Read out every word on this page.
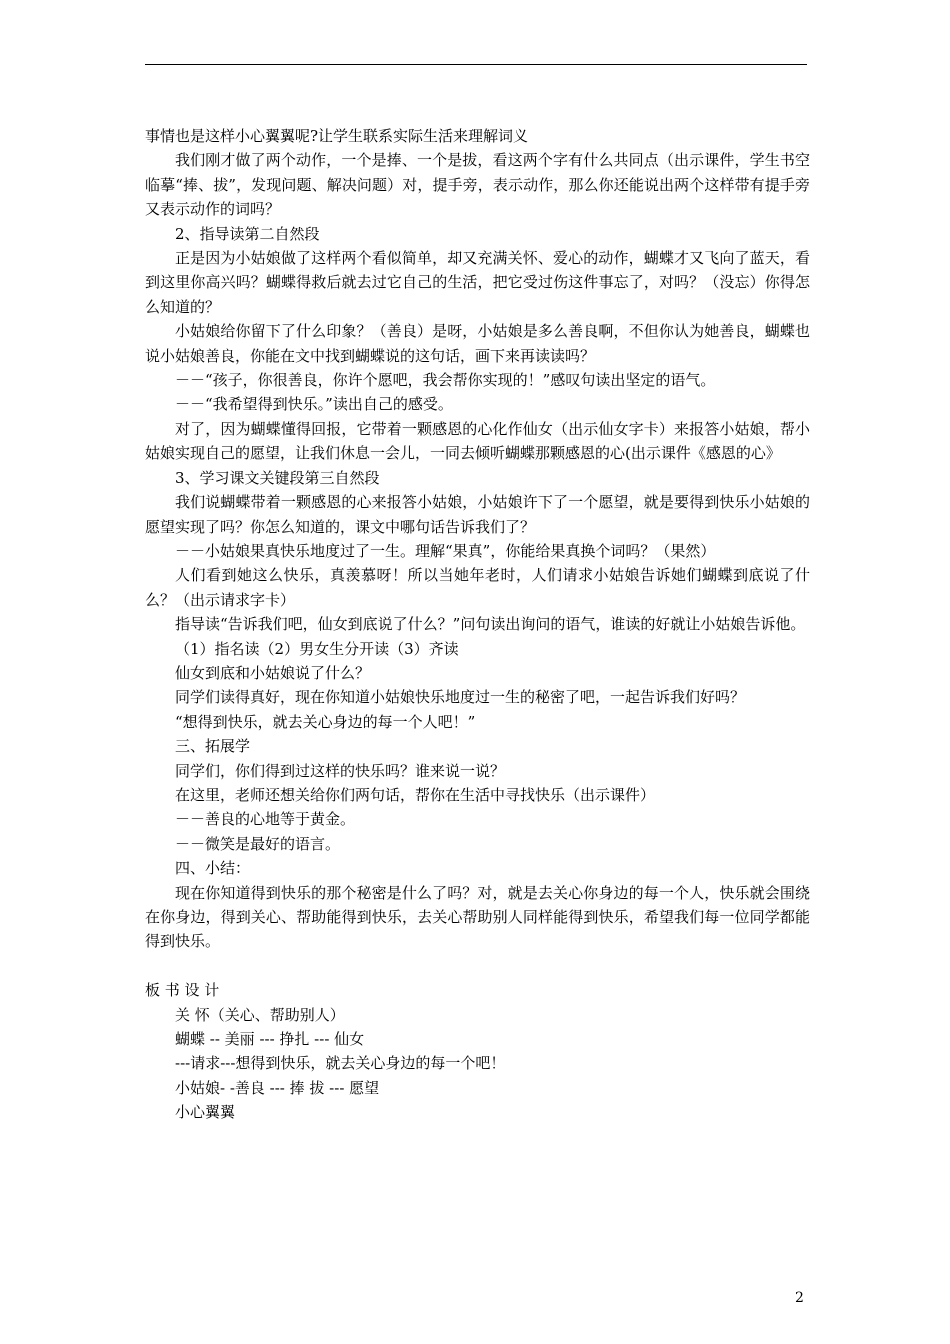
事情也是这样小心翼翼呢?让学生联系实际生活来理解词义

我们刚才做了两个动作，一个是捧、一个是拔，看这两个字有什么共同点（出示课件，学生书空临摹“捧、拔”，发现问题、解决问题）对，提手旁，表示动作，那么你还能说出两个这样带有提手旁又表示动作的词吗？

2、指导读第二自然段

正是因为小姑娘做了这样两个看似简单，却又充满关怀、爱心的动作，蝴蝶才又飞向了蓝天，看到这里你高兴吗？蝴蝶得救后就去过它自己的生活，把它受过伤这件事忘了，对吗？（没忘）你得怎么知道的？

小姑娘给你留下了什么印象？（善良）是呀，小姑娘是多么善良啊，不但你认为她善良，蝴蝶也说小姑娘善良，你能在文中找到蝴蝶说的这句话，画下来再读读吗？

－－“孩子，你很善良，你许个愿吧，我会帮你实现的！”感叹句读出坚定的语气。

－－“我希望得到快乐。”读出自己的感受。

对了，因为蝴蝶懂得回报，它带着一颗感恩的心化作仙女（出示仙女字卡）来报答小姑娘，帮小姑娘实现自己的愿望，让我们休息一会儿，一同去倾听蝴蝶那颗感恩的心(出示课件《感恩的心》

3、学习课文关键段第三自然段

我们说蝴蝶带着一颗感恩的心来报答小姑娘，小姑娘许下了一个愿望，就是要得到快乐小姑娘的愿望实现了吗？你怎么知道的，课文中哪句话告诉我们了？

－－小姑娘果真快乐地度过了一生。理解“果真”，你能给果真换个词吗？（果然）

人们看到她这么快乐，真羡慕呀！所以当她年老时，人们请求小姑娘告诉她们蝴蝶到底说了什么？（出示请求字卡）

指导读“告诉我们吧，仙女到底说了什么？”问句读出询问的语气，谁读的好就让小姑娘告诉他。

（1）指名读（2）男女生分开读（3）齐读

仙女到底和小姑娘说了什么？

同学们读得真好，现在你知道小姑娘快乐地度过一生的秘密了吧，一起告诉我们好吗？

“想得到快乐，就去关心身边的每一个人吧！”

三、拓展学

同学们，你们得到过这样的快乐吗？谁来说一说？

在这里，老师还想关给你们两句话，帮你在生活中寻找快乐（出示课件）

－－善良的心地等于黄金。

－－微笑是最好的语言。

四、小结：

现在你知道得到快乐的那个秘密是什么了吗？对，就是去关心你身边的每一个人，快乐就会围绕在你身边，得到关心、帮助能得到快乐，去关心帮助别人同样能得到快乐，希望我们每一位同学都能得到快乐。

板 书 设 计

关 怀（关心、帮助别人）

蝴蝶 -- 美丽 --- 挣扎 --- 仙女

---请求---想得到快乐，就去关心身边的每一个吧！

小姑娘- -善良 --- 捧 拔 --- 愿望

小心翼翼

2
